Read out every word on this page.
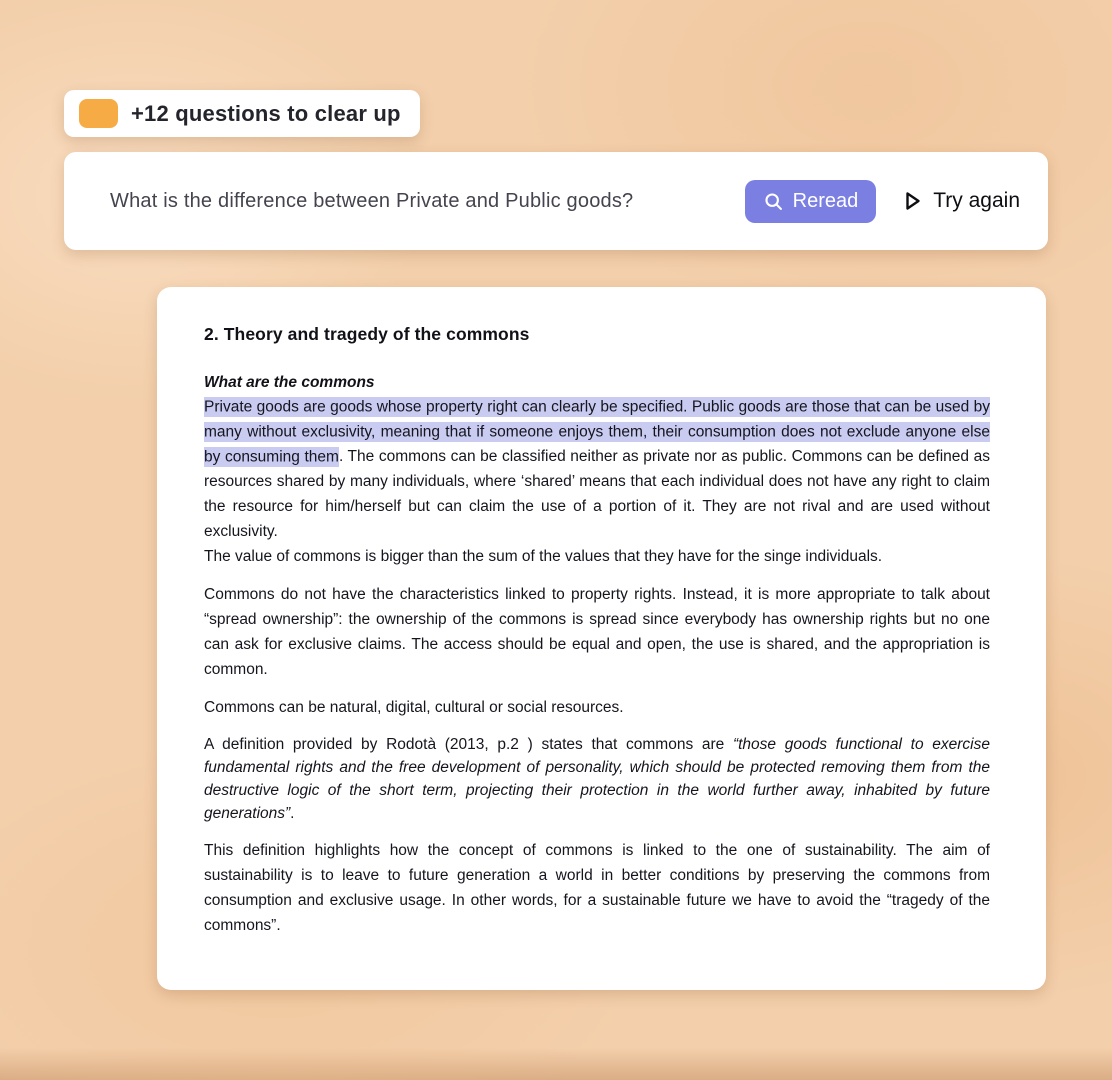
+12 questions to clear up
What is the difference between Private and Public goods?	Reread	Try again
2. Theory and tragedy of the commons
What are the commons

Private goods are goods whose property right can clearly be specified. Public goods are those that can be used by many without exclusivity, meaning that if someone enjoys them, their consumption does not exclude anyone else by consuming them. The commons can be classified neither as private nor as public. Commons can be defined as resources shared by many individuals, where ‘shared’ means that each individual does not have any right to claim the resource for him/herself but can claim the use of a portion of it. They are not rival and are used without exclusivity.

The value of commons is bigger than the sum of the values that they have for the singe individuals.

Commons do not have the characteristics linked to property rights. Instead, it is more appropriate to talk about “spread ownership”: the ownership of the commons is spread since everybody has ownership rights but no one can ask for exclusive claims. The access should be equal and open, the use is shared, and the appropriation is common.

Commons can be natural, digital, cultural or social resources.

A definition provided by Rodotà (2013, p.2 ) states that commons are “those goods functional to exercise fundamental rights and the free development of personality, which should be protected removing them from the destructive logic of the short term, projecting their protection in the world further away, inhabited by future generations”.

This definition highlights how the concept of commons is linked to the one of sustainability. The aim of sustainability is to leave to future generation a world in better conditions by preserving the commons from consumption and exclusive usage. In other words, for a sustainable future we have to avoid the “tragedy of the commons”.
